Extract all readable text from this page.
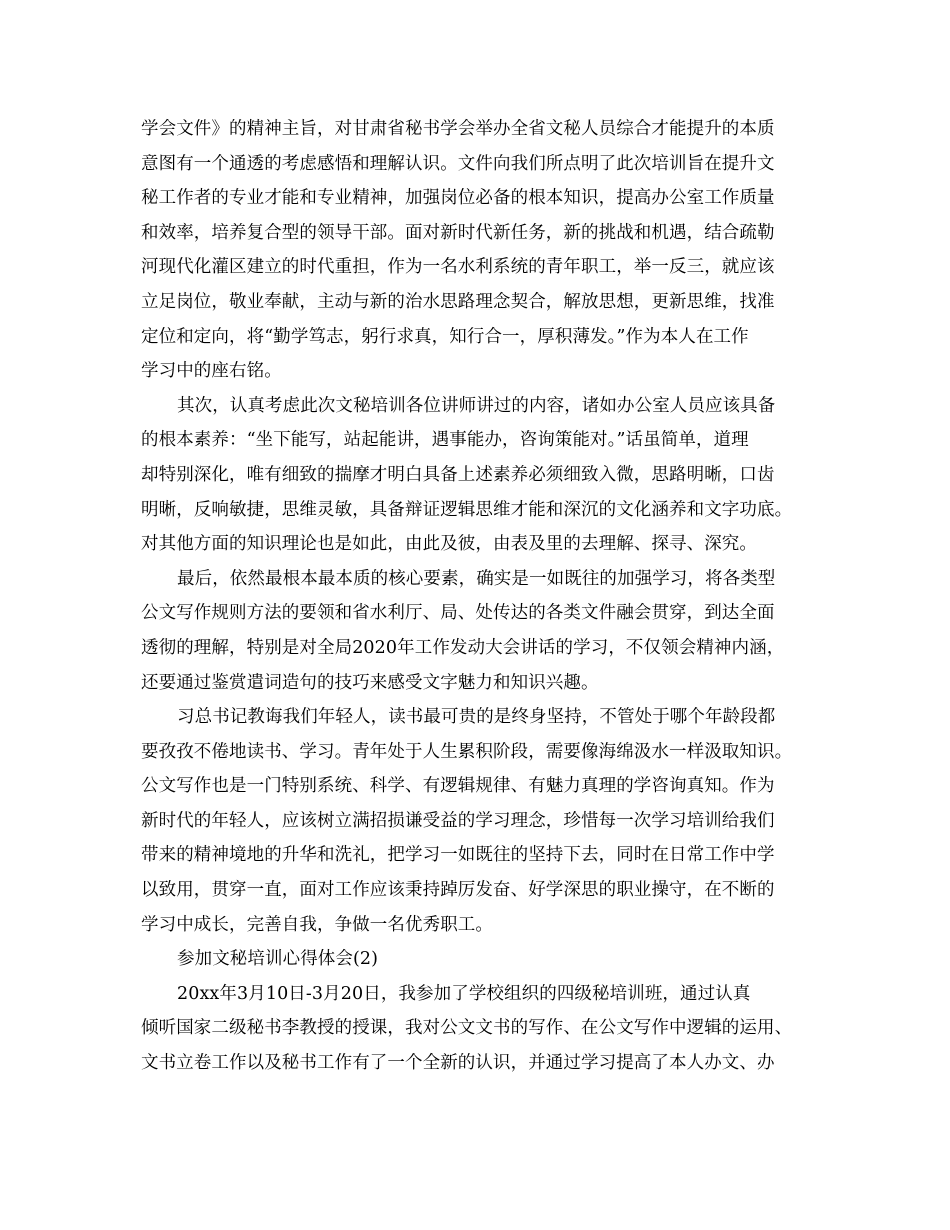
学会文件》的精神主旨，对甘肃省秘书学会举办全省文秘人员综合才能提升的本质
意图有一个通透的考虑感悟和理解认识。文件向我们所点明了此次培训旨在提升文
秘工作者的专业才能和专业精神，加强岗位必备的根本知识，提高办公室工作质量
和效率，培养复合型的领导干部。面对新时代新任务，新的挑战和机遇，结合疏勒
河现代化灌区建立的时代重担，作为一名水利系统的青年职工，举一反三，就应该
立足岗位，敬业奉献，主动与新的治水思路理念契合，解放思想，更新思维，找准
定位和定向，将“勤学笃志，躬行求真，知行合一，厚积薄发。”作为本人在工作
学习中的座右铭。
其次，认真考虑此次文秘培训各位讲师讲过的内容，诸如办公室人员应该具备
的根本素养：“坐下能写，站起能讲，遇事能办，咨询策能对。”话虽简单，道理
却特别深化，唯有细致的揣摩才明白具备上述素养必须细致入微，思路明晰，口齿
明晰，反响敏捷，思维灵敏，具备辩证逻辑思维才能和深沉的文化涵养和文字功底。
对其他方面的知识理论也是如此，由此及彼，由表及里的去理解、探寻、深究。
最后，依然最根本最本质的核心要素，确实是一如既往的加强学习，将各类型
公文写作规则方法的要领和省水利厅、局、处传达的各类文件融会贯穿，到达全面
透彻的理解，特别是对全局2020年工作发动大会讲话的学习，不仅领会精神内涵，
还要通过鉴赏遣词造句的技巧来感受文字魅力和知识兴趣。
习总书记教诲我们年轻人，读书最可贵的是终身坚持，不管处于哪个年龄段都
要孜孜不倦地读书、学习。青年处于人生累积阶段，需要像海绵汲水一样汲取知识。
公文写作也是一门特别系统、科学、有逻辑规律、有魅力真理的学咨询真知。作为
新时代的年轻人，应该树立满招损谦受益的学习理念，珍惜每一次学习培训给我们
带来的精神境地的升华和洗礼，把学习一如既往的坚持下去，同时在日常工作中学
以致用，贯穿一直，面对工作应该秉持踔厉发奋、好学深思的职业操守，在不断的
学习中成长，完善自我，争做一名优秀职工。
参加文秘培训心得体会(2)
20xx年3月10日-3月20日，我参加了学校组织的四级秘培训班，通过认真
倾听国家二级秘书李教授的授课，我对公文文书的写作、在公文写作中逻辑的运用、
文书立卷工作以及秘书工作有了一个全新的认识，并通过学习提高了本人办文、办
